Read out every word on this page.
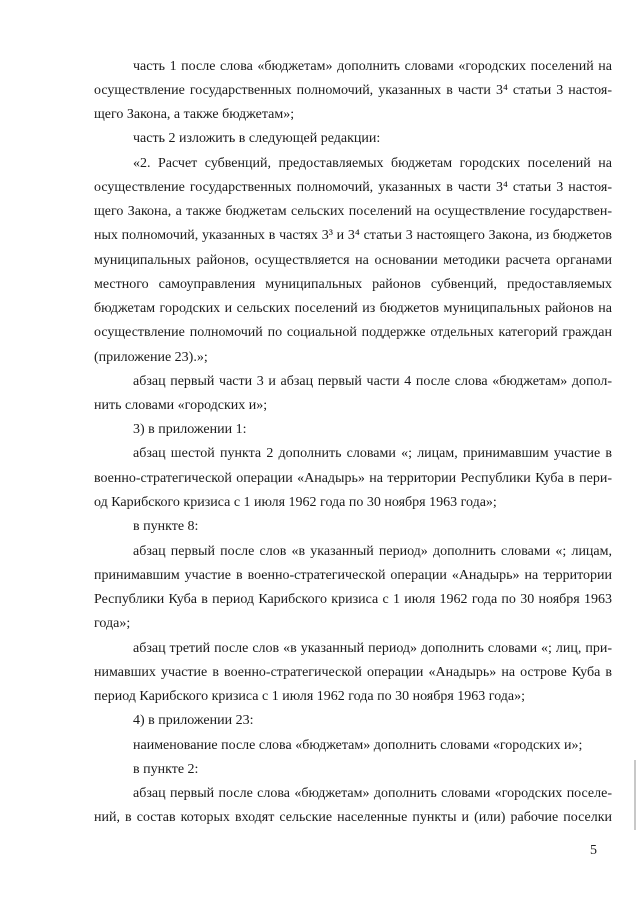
часть 1 после слова «бюджетам» дополнить словами «городских поселений на
осуществление государственных полномочий, указанных в части 3⁴ статьи 3 настоя-
щего Закона, а также бюджетам»;
часть 2 изложить в следующей редакции:
«2. Расчет субвенций, предоставляемых бюджетам городских поселений на
осуществление государственных полномочий, указанных в части 3⁴ статьи 3 настоя-
щего Закона, а также бюджетам сельских поселений на осуществление государствен-
ных полномочий, указанных в частях 3³ и 3⁴ статьи 3 настоящего Закона, из бюджетов
муниципальных районов, осуществляется на основании методики расчета органами
местного самоуправления муниципальных районов субвенций, предоставляемых
бюджетам городских и сельских поселений из бюджетов муниципальных районов на
осуществление полномочий по социальной поддержке отдельных категорий граждан
(приложение 23).»;
абзац первый части 3 и абзац первый части 4 после слова «бюджетам» допол-
нить словами «городских и»;
3) в приложении 1:
абзац шестой пункта 2 дополнить словами «; лицам, принимавшим участие в
военно-стратегической операции «Анадырь» на территории Республики Куба в пери-
од Карибского кризиса с 1 июля 1962 года по 30 ноября 1963 года»;
в пункте 8:
абзац первый после слов «в указанный период» дополнить словами «; лицам,
принимавшим участие в военно-стратегической операции «Анадырь» на территории
Республики Куба в период Карибского кризиса с 1 июля 1962 года по 30 ноября 1963
года»;
абзац третий после слов «в указанный период» дополнить словами «; лиц, при-
нимавших участие в военно-стратегической операции «Анадырь» на острове Куба в
период Карибского кризиса с 1 июля 1962 года по 30 ноября 1963 года»;
4) в приложении 23:
наименование после слова «бюджетам» дополнить словами «городских и»;
в пункте 2:
абзац первый после слова «бюджетам» дополнить словами «городских поселе-
ний, в состав которых входят сельские населенные пункты и (или) рабочие поселки
5
